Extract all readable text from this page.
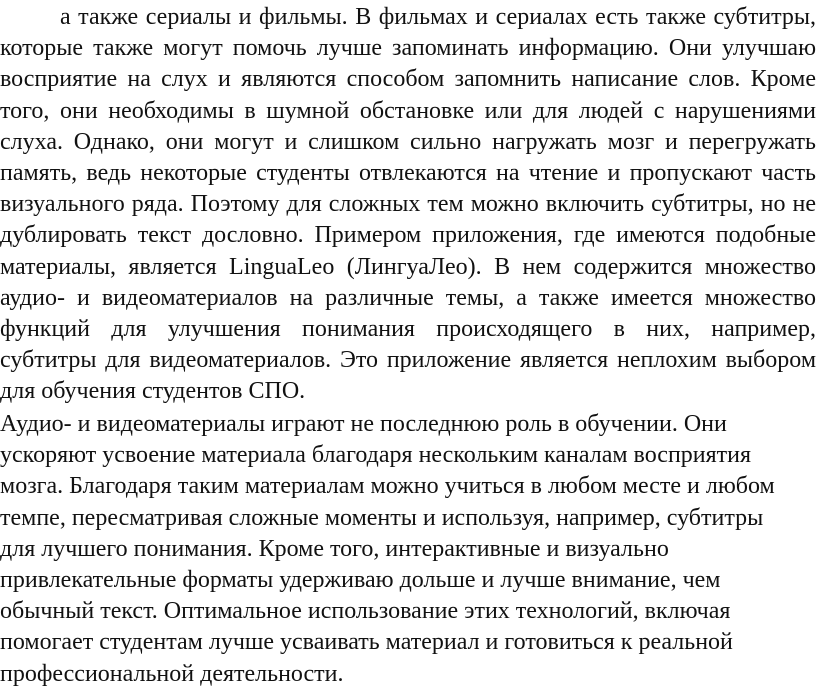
а также сериалы и фильмы. В фильмах и сериалах есть также субтитры,
которые также могут помочь лучше запоминать информацию. Они улучшаю
восприятие на слух и являются способом запомнить написание слов. Кроме
того, они необходимы в шумной обстановке или для людей с нарушениями
слуха. Однако, они могут и слишком сильно нагружать мозг и перегружать
память, ведь некоторые студенты отвлекаются на чтение и пропускают часть
визуального ряда. Поэтому для сложных тем можно включить субтитры, но не
дублировать текст дословно. Примером приложения, где имеются подобные
материалы, является LinguaLeo (ЛингуаЛео). В нем содержится множество
аудио- и видеоматериалов на различные темы, а также имеется множество
функций для улучшения понимания происходящего в них, например,
субтитры для видеоматериалов. Это приложение является неплохим выбором
для обучения студентов СПО.
Аудио- и видеоматериалы играют не последнюю роль в обучении. Они
ускоряют усвоение материала благодаря нескольким каналам восприятия
мозга. Благодаря таким материалам можно учиться в любом месте и любом
темпе, пересматривая сложные моменты и используя, например, субтитры
для лучшего понимания. Кроме того, интерактивные и визуально
привлекательные форматы удерживаю дольше и лучше внимание, чем
обычный текст. Оптимальное использование этих технологий, включая
помогает студентам лучше усваивать материал и готовиться к реальной
профессиональной деятельности.
